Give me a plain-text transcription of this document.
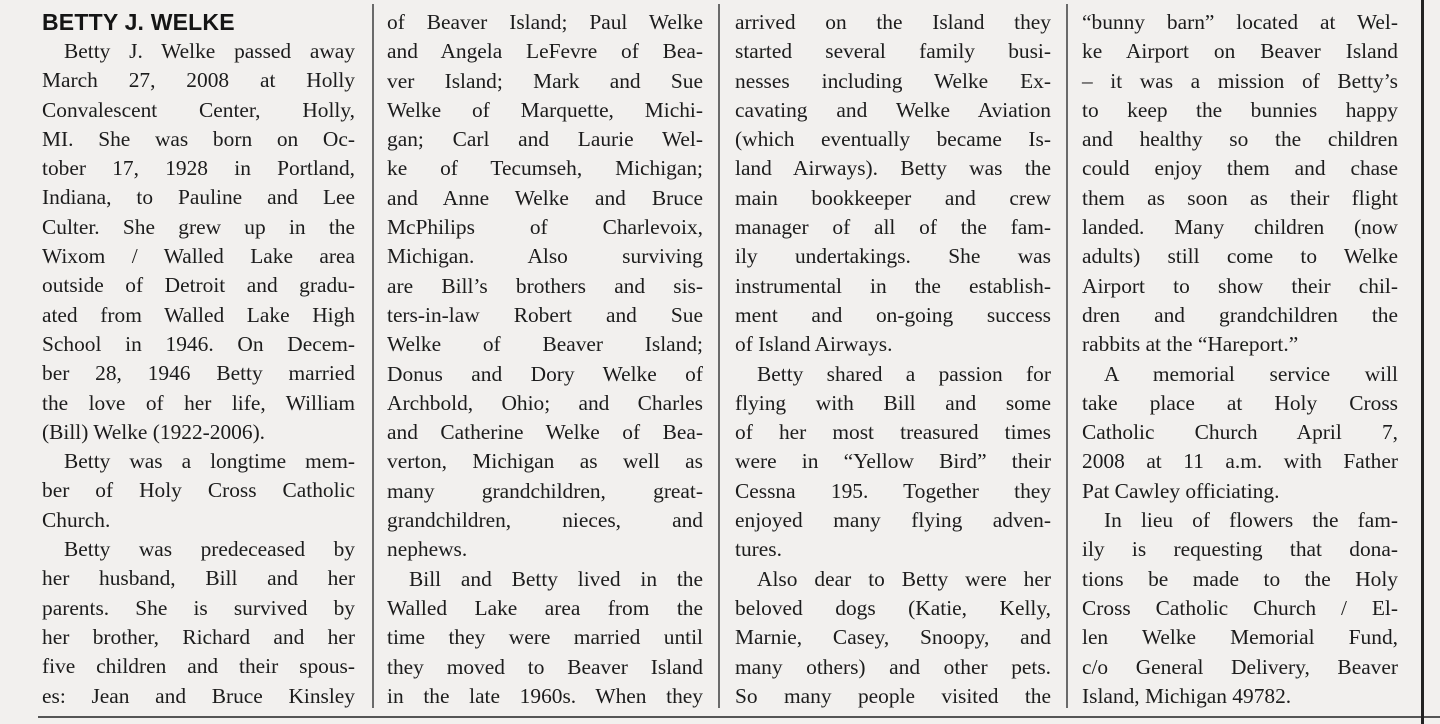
BETTY J. WELKE
Betty J. Welke passed away
March 27, 2008 at Holly
Convalescent Center, Holly,
MI. She was born on Oc-
tober 17, 1928 in Portland,
Indiana, to Pauline and Lee
Culter. She grew up in the
Wixom / Walled Lake area
outside of Detroit and gradu-
ated from Walled Lake High
School in 1946. On Decem-
ber 28, 1946 Betty married
the love of her life, William
(Bill) Welke (1922-2006).
Betty was a longtime mem-
ber of Holy Cross Catholic
Church.
Betty was predeceased by
her husband, Bill and her
parents. She is survived by
her brother, Richard and her
five children and their spous-
es: Jean and Bruce Kinsley
of Beaver Island; Paul Welke
and Angela LeFevre of Bea-
ver Island; Mark and Sue
Welke of Marquette, Michi-
gan; Carl and Laurie Wel-
ke of Tecumseh, Michigan;
and Anne Welke and Bruce
McPhilips of Charlevoix,
Michigan. Also surviving
are Bill’s brothers and sis-
ters-in-law Robert and Sue
Welke of Beaver Island;
Donus and Dory Welke of
Archbold, Ohio; and Charles
and Catherine Welke of Bea-
verton, Michigan as well as
many grandchildren, great-
grandchildren, nieces, and
nephews.
Bill and Betty lived in the
Walled Lake area from the
time they were married until
they moved to Beaver Island
in the late 1960s. When they
arrived on the Island they
started several family busi-
nesses including Welke Ex-
cavating and Welke Aviation
(which eventually became Is-
land Airways). Betty was the
main bookkeeper and crew
manager of all of the fam-
ily undertakings. She was
instrumental in the establish-
ment and on-going success
of Island Airways.
Betty shared a passion for
flying with Bill and some
of her most treasured times
were in “Yellow Bird” their
Cessna 195. Together they
enjoyed many flying adven-
tures.
Also dear to Betty were her
beloved dogs (Katie, Kelly,
Marnie, Casey, Snoopy, and
many others) and other pets.
So many people visited the
“bunny barn” located at Wel-
ke Airport on Beaver Island
– it was a mission of Betty’s
to keep the bunnies happy
and healthy so the children
could enjoy them and chase
them as soon as their flight
landed. Many children (now
adults) still come to Welke
Airport to show their chil-
dren and grandchildren the
rabbits at the “Hareport.”
A memorial service will
take place at Holy Cross
Catholic Church April 7,
2008 at 11 a.m. with Father
Pat Cawley officiating.
In lieu of flowers the fam-
ily is requesting that dona-
tions be made to the Holy
Cross Catholic Church / El-
len Welke Memorial Fund,
c/o General Delivery, Beaver
Island, Michigan 49782.
